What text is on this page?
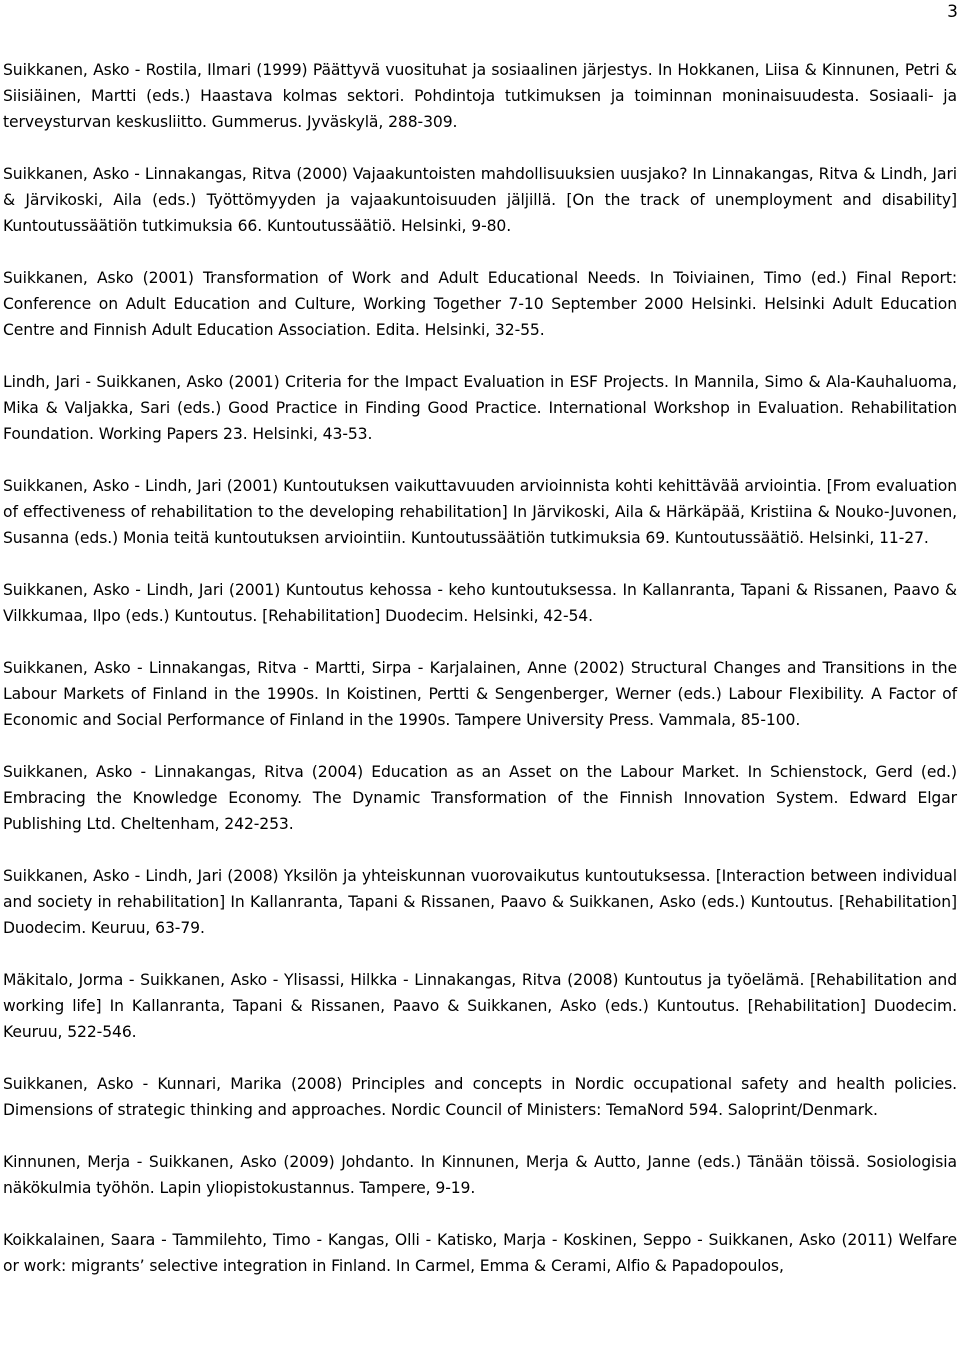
3

Suikkanen, Asko - Rostila, Ilmari (1999) Päättyvä vuosituhat ja sosiaalinen järjestys. In Hokkanen, Liisa & Kinnunen, Petri & Siisiäinen, Martti (eds.) Haastava kolmas sektori. Pohdintoja tutkimuksen ja toiminnan moninaisuudesta. Sosiaali- ja terveysturvan keskusliitto. Gummerus. Jyväskylä, 288-309.

Suikkanen, Asko - Linnakangas, Ritva (2000) Vajaakuntoisten mahdollisuuksien uusjako? In Linnakangas, Ritva & Lindh, Jari & Järvikoski, Aila (eds.) Työttömyyden ja vajaakuntoisuuden jäljillä. [On the track of unemployment and disability] Kuntoutussäätiön tutkimuksia 66. Kuntoutussäätiö. Helsinki, 9-80.

Suikkanen, Asko (2001) Transformation of Work and Adult Educational Needs. In Toiviainen, Timo (ed.) Final Report: Conference on Adult Education and Culture, Working Together 7-10 September 2000 Helsinki. Helsinki Adult Education Centre and Finnish Adult Education Association. Edita. Helsinki, 32-55.

Lindh, Jari - Suikkanen, Asko (2001) Criteria for the Impact Evaluation in ESF Projects. In Mannila, Simo & Ala-Kauhaluoma, Mika & Valjakka, Sari (eds.) Good Practice in Finding Good Practice. International Workshop in Evaluation. Rehabilitation Foundation. Working Papers 23. Helsinki, 43-53.

Suikkanen, Asko - Lindh, Jari (2001) Kuntoutuksen vaikuttavuuden arvioinnista kohti kehittävää arviointia. [From evaluation of effectiveness of rehabilitation to the developing rehabilitation] In Järvikoski, Aila & Härkäpää, Kristiina & Nouko-Juvonen, Susanna (eds.) Monia teitä kuntoutuksen arviointiin. Kuntoutussäätiön tutkimuksia 69. Kuntoutussäätiö. Helsinki, 11-27.

Suikkanen, Asko - Lindh, Jari (2001) Kuntoutus kehossa - keho kuntoutuksessa. In Kallanranta, Tapani & Rissanen, Paavo & Vilkkumaa, Ilpo (eds.) Kuntoutus. [Rehabilitation] Duodecim. Helsinki, 42-54.

Suikkanen, Asko - Linnakangas, Ritva - Martti, Sirpa - Karjalainen, Anne (2002) Structural Changes and Transitions in the Labour Markets of Finland in the 1990s. In Koistinen, Pertti & Sengenberger, Werner (eds.) Labour Flexibility. A Factor of Economic and Social Performance of Finland in the 1990s. Tampere University Press. Vammala, 85-100.

Suikkanen, Asko - Linnakangas, Ritva (2004) Education as an Asset on the Labour Market. In Schienstock, Gerd (ed.) Embracing the Knowledge Economy. The Dynamic Transformation of the Finnish Innovation System. Edward Elgar Publishing Ltd. Cheltenham, 242-253.

Suikkanen, Asko - Lindh, Jari (2008) Yksilön ja yhteiskunnan vuorovaikutus kuntoutuksessa. [Interaction between individual and society in rehabilitation] In Kallanranta, Tapani & Rissanen, Paavo & Suikkanen, Asko (eds.) Kuntoutus. [Rehabilitation] Duodecim. Keuruu, 63-79.

Mäkitalo, Jorma - Suikkanen, Asko - Ylisassi, Hilkka - Linnakangas, Ritva (2008) Kuntoutus ja työelämä. [Rehabilitation and working life] In Kallanranta, Tapani & Rissanen, Paavo & Suikkanen, Asko (eds.) Kuntoutus. [Rehabilitation] Duodecim. Keuruu, 522-546.

Suikkanen, Asko - Kunnari, Marika (2008) Principles and concepts in Nordic occupational safety and health policies. Dimensions of strategic thinking and approaches. Nordic Council of Ministers: TemaNord 594. Saloprint/Denmark.

Kinnunen, Merja - Suikkanen, Asko (2009) Johdanto. In Kinnunen, Merja & Autto, Janne (eds.) Tänään töissä. Sosiologisia näkökulmia työhön. Lapin yliopistokustannus. Tampere, 9-19.

Koikkalainen, Saara - Tammilehto, Timo - Kangas, Olli - Katisko, Marja - Koskinen, Seppo - Suikkanen, Asko (2011) Welfare or work: migrants’ selective integration in Finland. In Carmel, Emma & Cerami, Alfio & Papadopoulos,
